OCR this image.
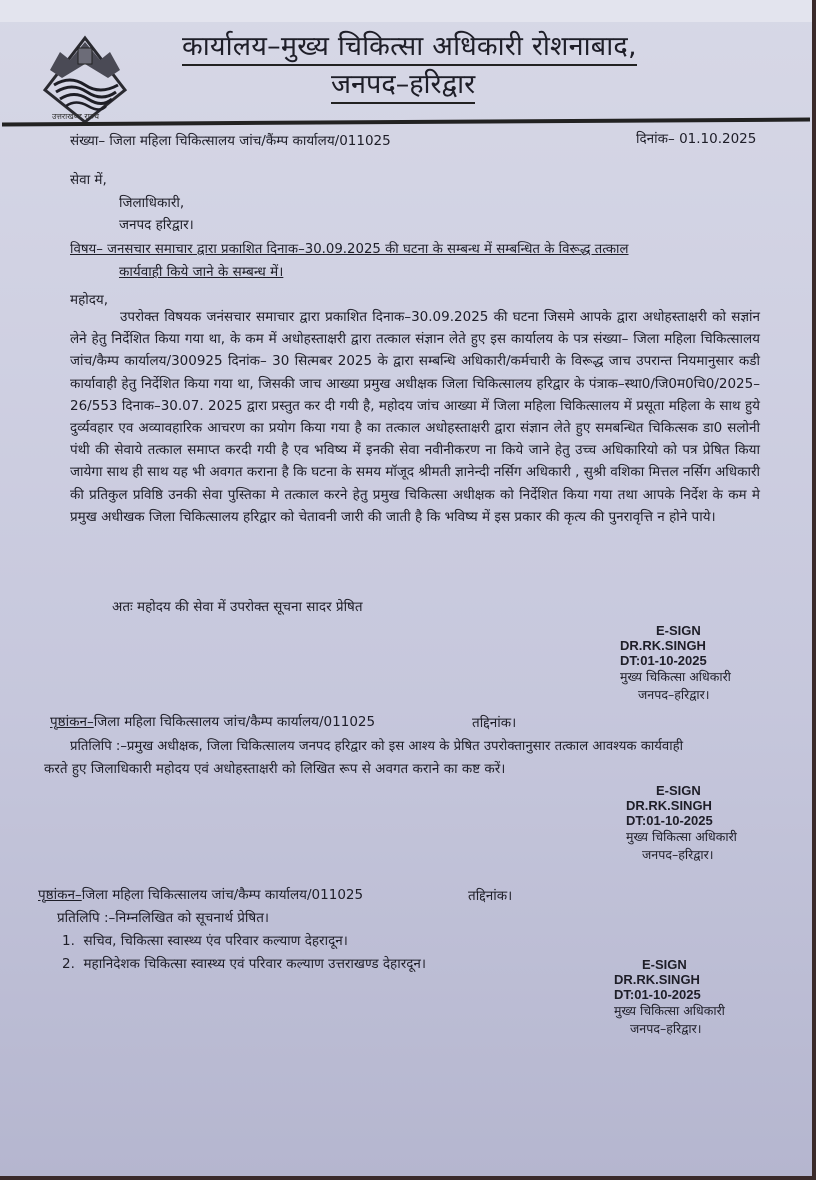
उत्तराखण्ड राज्य
कार्यालय–मुख्य चिकित्सा अधिकारी रोशनाबाद,
जनपद–हरिद्वार
संख्या– जिला महिला चिकित्सालय जांच/कैंम्प कार्यालय/011025	दिनांक– 01.10.2025
सेवा में,
जिलाधिकारी,
जनपद हरिद्वार।
विषय– जनसचार समाचार द्वारा प्रकाशित दिनाक–30.09.2025 की घटना के सम्बन्ध में सम्बन्धित के विरूद्ध तत्काल
कार्यवाही किये जाने के सम्बन्ध में।
महोदय,
उपरोक्त विषयक जनंसचार समाचार द्वारा प्रकाशित दिनाक–30.09.2025 की घटना जिसमे आपके द्वारा अधोहस्ताक्षरी को सज्ञांन लेने हेतु निर्देशित किया गया था, के कम में अधोहस्ताक्षरी द्वारा तत्काल संज्ञान लेते हुए इस कार्यालय के पत्र संख्या– जिला महिला चिकित्सालय जांच/कैम्प कार्यालय/300925 दिनांक– 30 सित्मबर 2025 के द्वारा सम्बन्धि अधिकारी/कर्मचारी के विरूद्ध जाच उपरान्त नियमानुसार कडी कार्यावाही हेतु निर्देशित किया गया था, जिसकी जाच आख्या प्रमुख अधीक्षक जिला चिकित्सालय हरिद्वार के पंत्राक–स्था0/जि0म0चि0/2025–26/553 दिनाक–30.07. 2025 द्वारा प्रस्तुत कर दी गयी है, महोदय जांच आख्या में जिला महिला चिकित्सालय में प्रसूता महिला के साथ हुये दुर्व्यवहार एव अव्यावहारिक आचरण का प्रयोग किया गया है का तत्काल अधोहस्ताक्षरी द्वारा संज्ञान लेते हुए समबन्धित चिकित्सक डा0 सलोनी पंथी की सेवाये तत्काल समाप्त करदी गयी है एव भविष्य में इनकी सेवा नवीनीकरण ना किये जाने हेतु उच्च अधिकारियो को पत्र प्रेषित किया जायेगा साथ ही साथ यह भी अवगत कराना है कि घटना के समय मॉजूद श्रीमती ज्ञानेन्दी नर्सिग अधिकारी , सुश्री वशिका मित्तल नर्सिग अधिकारी की प्रतिकुल प्रविष्ठि उनकी सेवा पुस्तिका मे तत्काल करने हेतु प्रमुख चिकित्सा अधीक्षक को निर्देशित किया गया तथा आपके निर्देश के कम मे प्रमुख अधीखक जिला चिकित्सालय हरिद्वार को चेतावनी जारी की जाती है कि भविष्य में इस प्रकार की कृत्य की पुनरावृत्ति न होने पाये।
अतः महोदय की सेवा में उपरोक्त सूचना सादर प्रेषित
E-SIGN
DR.RK.SINGH
DT:01-10-2025
मुख्य चिकित्सा अधिकारी
जनपद–हरिद्वार।
पृष्ठांकन–जिला महिला चिकित्सालय जांच/कैम्प कार्यालय/011025	तद्दिनांक।
प्रतिलिपि :–प्रमुख अधीक्षक, जिला चिकित्सालय जनपद हरिद्वार को इस आश्य के प्रेषित उपरोक्तानुसार तत्काल आवश्यक कार्यवाही
करते हुए जिलाधिकारी महोदय एवं अधोहस्ताक्षरी को लिखित रूप से अवगत कराने का कष्ट करें।
E-SIGN
DR.RK.SINGH
DT:01-10-2025
मुख्य चिकित्सा अधिकारी
जनपद–हरिद्वार।
पृष्ठांकन–जिला महिला चिकित्सालय जांच/कैम्प कार्यालय/011025	तद्दिनांक।
प्रतिलिपि :–निम्नलिखित को सूचनार्थ प्रेषित।
1. सचिव, चिकित्सा स्वास्थ्य एंव परिवार कल्याण देहरादून।
2. महानिदेशक चिकित्सा स्वास्थ्य एवं परिवार कल्याण उत्तराखण्ड देहारदून।	E-SIGN
DR.RK.SINGH
DT:01-10-2025
मुख्य चिकित्सा अधिकारी
जनपद–हरिद्वार।
